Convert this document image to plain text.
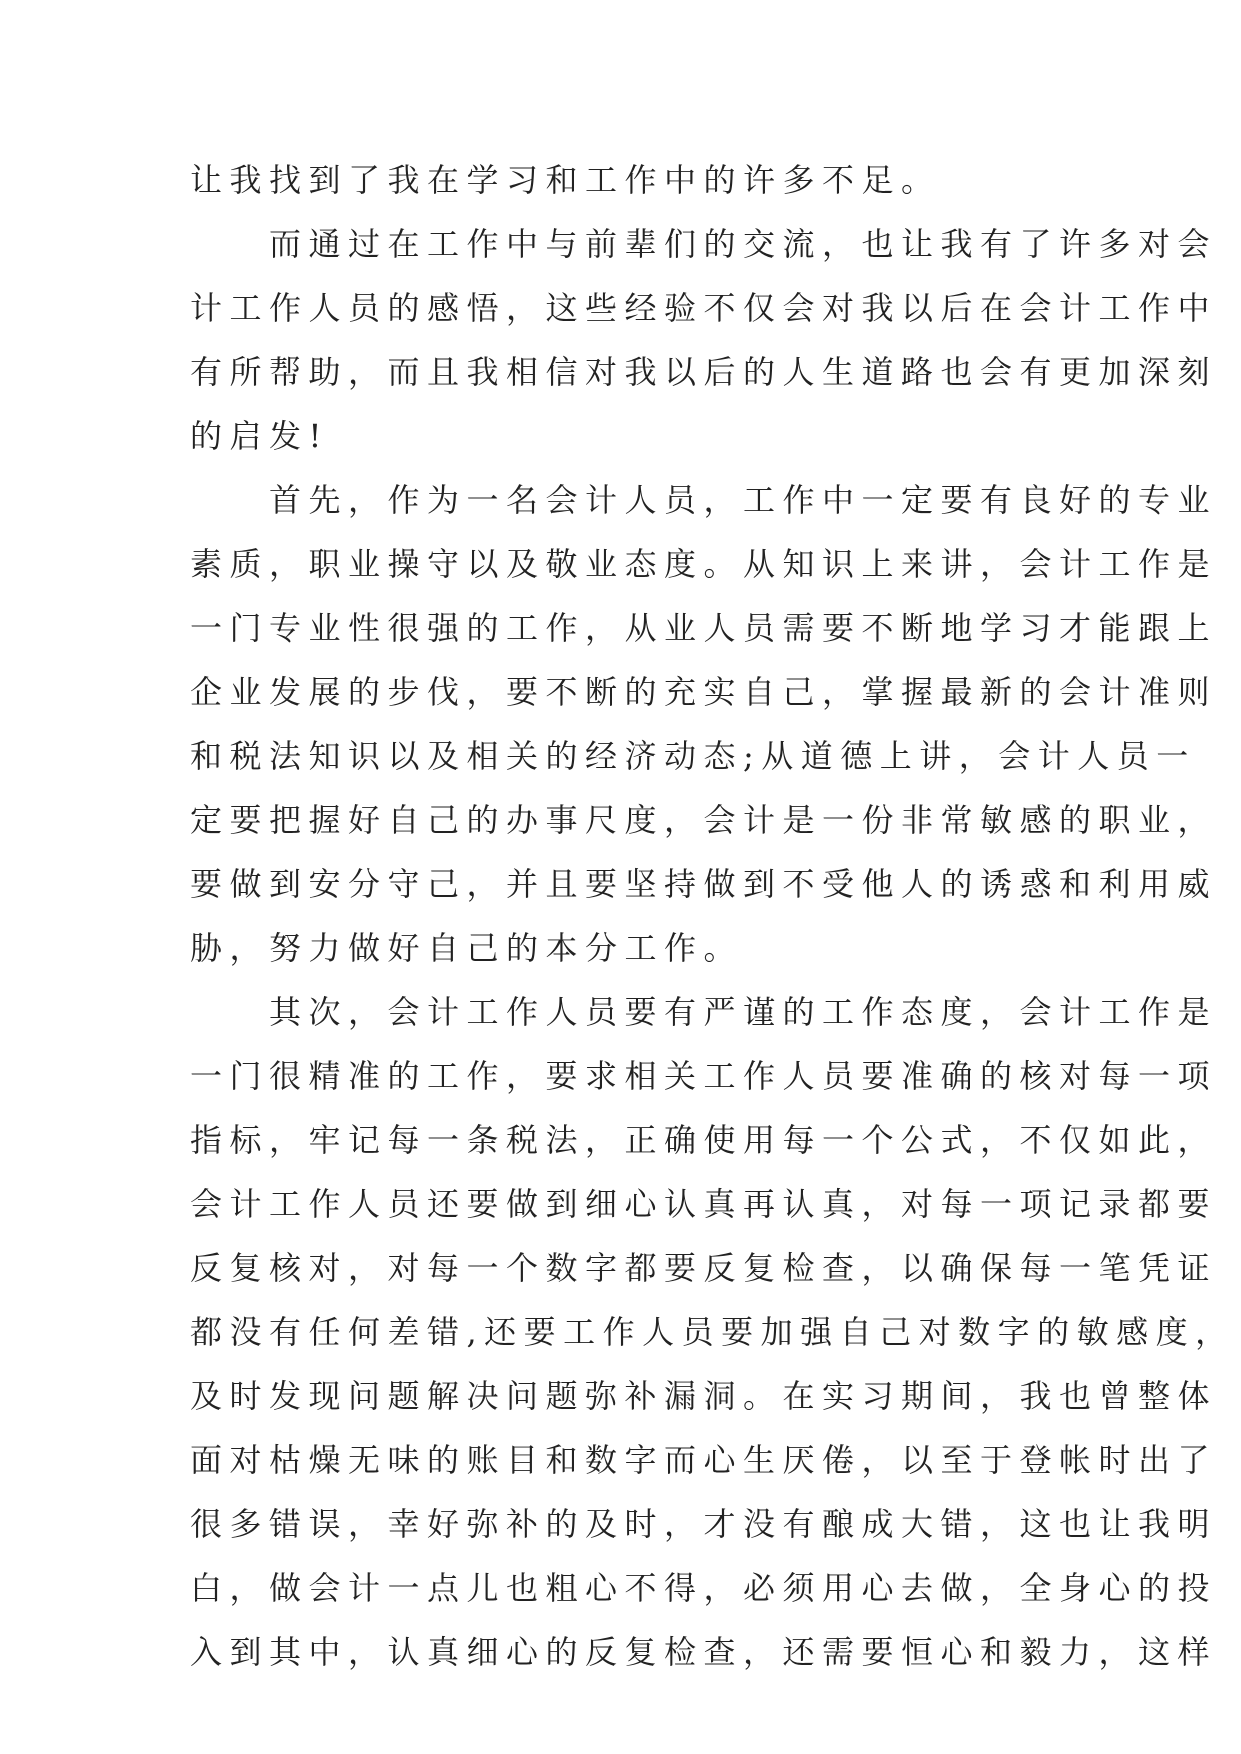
让我找到了我在学习和工作中的许多不足。
　　而通过在工作中与前辈们的交流，也让我有了许多对会
计工作人员的感悟，这些经验不仅会对我以后在会计工作中
有所帮助，而且我相信对我以后的人生道路也会有更加深刻
的启发!
　　首先，作为一名会计人员，工作中一定要有良好的专业
素质，职业操守以及敬业态度。从知识上来讲，会计工作是
一门专业性很强的工作，从业人员需要不断地学习才能跟上
企业发展的步伐，要不断的充实自己，掌握最新的会计准则
和税法知识以及相关的经济动态;从道德上讲，会计人员一
定要把握好自己的办事尺度，会计是一份非常敏感的职业，
要做到安分守己，并且要坚持做到不受他人的诱惑和利用威
胁，努力做好自己的本分工作。
　　其次，会计工作人员要有严谨的工作态度，会计工作是
一门很精准的工作，要求相关工作人员要准确的核对每一项
指标，牢记每一条税法，正确使用每一个公式，不仅如此，
会计工作人员还要做到细心认真再认真，对每一项记录都要
反复核对，对每一个数字都要反复检查，以确保每一笔凭证
都没有任何差错,还要工作人员要加强自己对数字的敏感度，
及时发现问题解决问题弥补漏洞。在实习期间，我也曾整体
面对枯燥无味的账目和数字而心生厌倦，以至于登帐时出了
很多错误，幸好弥补的及时，才没有酿成大错，这也让我明
白，做会计一点儿也粗心不得，必须用心去做，全身心的投
入到其中，认真细心的反复检查，还需要恒心和毅力，这样
